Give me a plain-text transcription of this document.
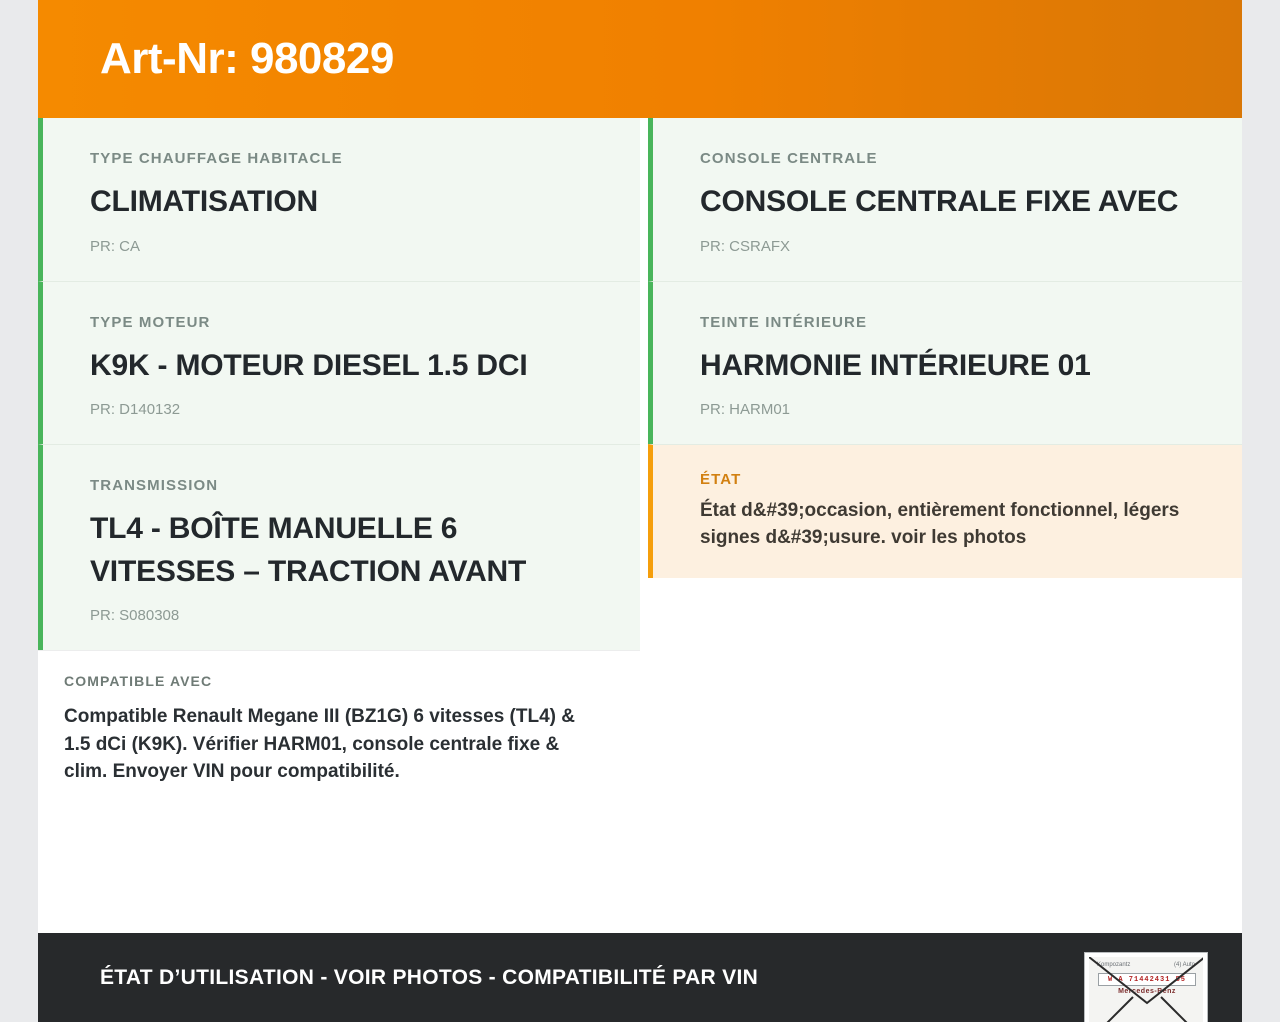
Art-Nr: 980829
TYPE CHAUFFAGE HABITACLE
CLIMATISATION
PR: CA
TYPE MOTEUR
K9K - MOTEUR DIESEL 1.5 DCI
PR: D140132
TRANSMISSION
TL4 - BOÎTE MANUELLE 6 VITESSES – TRACTION AVANT
PR: S080308
COMPATIBLE AVEC
Compatible Renault Megane III (BZ1G) 6 vitesses (TL4) & 1.5 dCi (K9K). Vérifier HARM01, console centrale fixe & clim. Envoyer VIN pour compatibilité.
CONSOLE CENTRALE
CONSOLE CENTRALE FIXE AVEC
PR: CSRAFX
TEINTE INTÉRIEURE
HARMONIE INTÉRIEURE 01
PR: HARM01
ÉTAT
État d&#39;occasion, entièrement fonctionnel, légers signes d&#39;usure. voir les photos
ÉTAT D’UTILISATION - VOIR PHOTOS - COMPATIBILITÉ PAR VIN
Kompozantz	(4) Auto
W A 71442431 55
Mercedes-Benz
